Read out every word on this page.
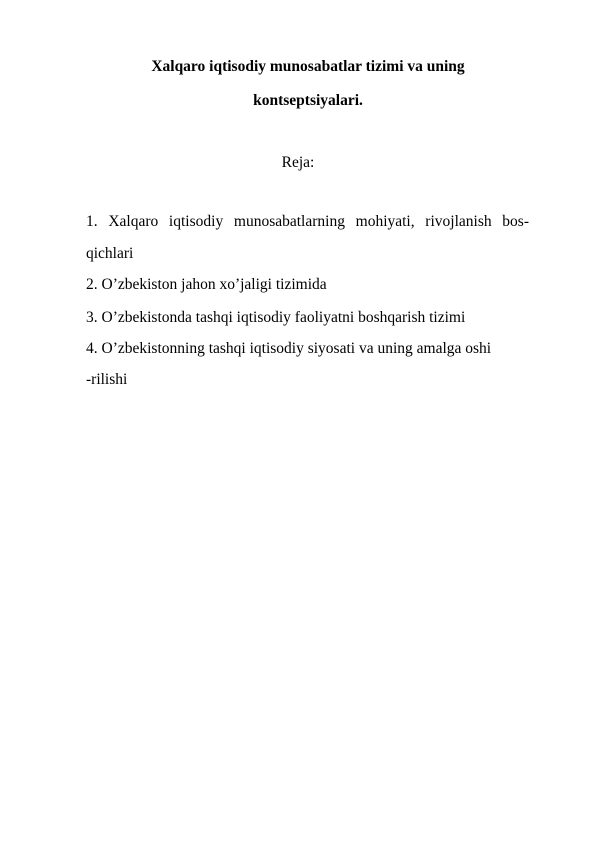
Xalqaro iqtisodiy munosabatlar tizimi va uning

kontseptsiyalari.

Reja:

1. Xalqaro iqtisodiy munosabatlarning mohiyati, rivojlanish bos-

qichlari

2. O’zbekiston jahon xo’jaligi tizimida

3. O’zbekistonda tashqi iqtisodiy faoliyatni boshqarish tizimi

4. O’zbekistonning tashqi iqtisodiy siyosati va uning amalga oshi

-rilishi
